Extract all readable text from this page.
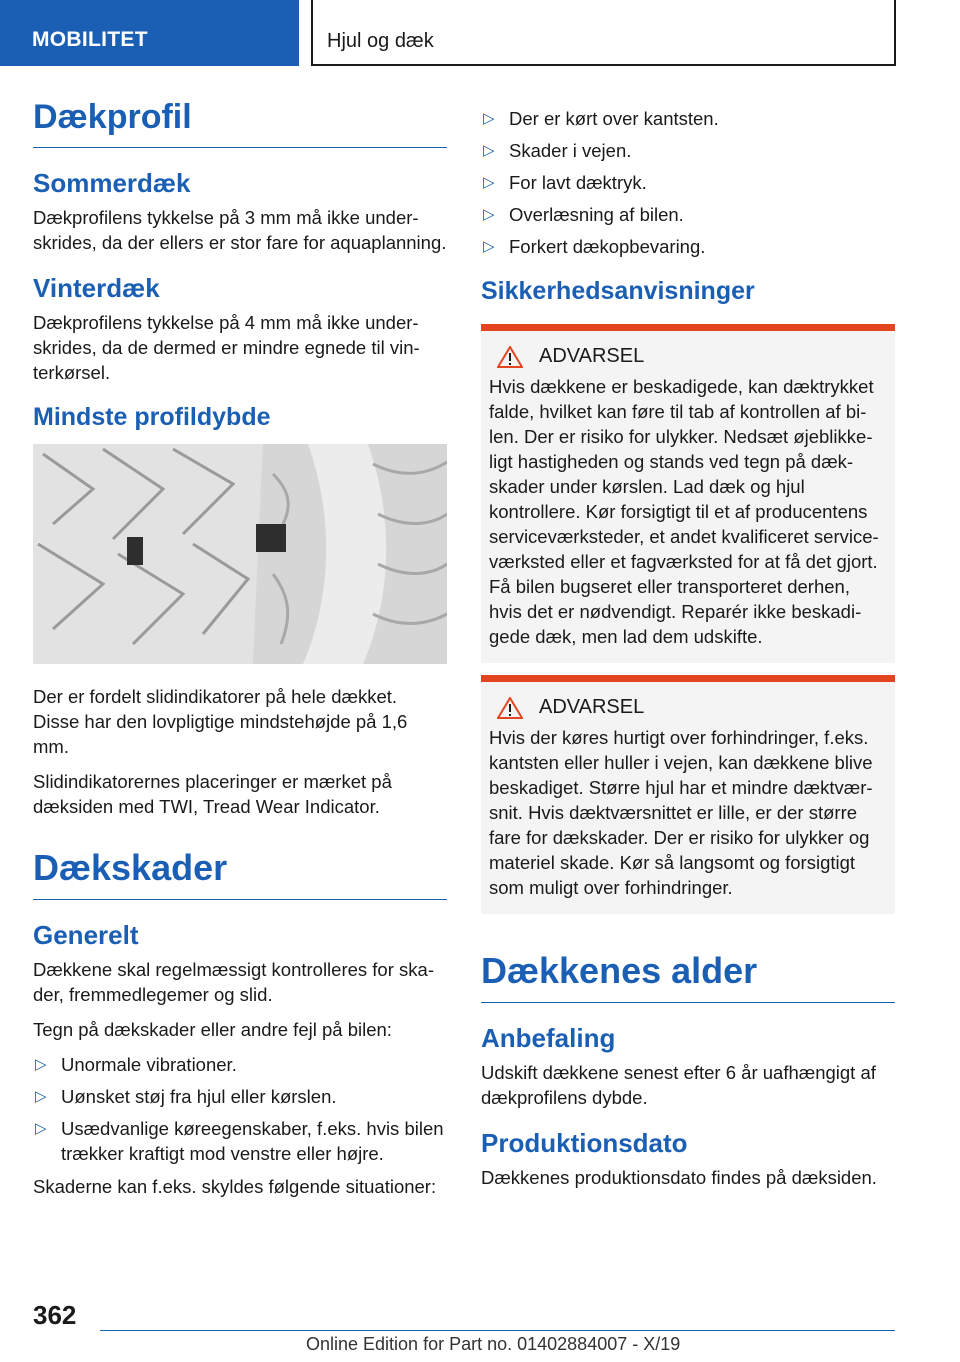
MOBILITET	Hjul og dæk
Dækprofil
Sommerdæk

Dækprofilens tykkelse på 3 mm må ikke underskrides, da der ellers er stor fare for aquaplanning.

Vinterdæk

Dækprofilens tykkelse på 4 mm må ikke underskrides, da de dermed er mindre egnede til vinterkørsel.

Mindste profildybde

Der er fordelt slidindikatorer på hele dækket. Disse har den lovpligtige mindstehøjde på 1,6 mm.

Slidindikatorernes placeringer er mærket på dæksiden med TWI, Tread Wear Indicator.

Dækskader
Generelt

Dækkene skal regelmæssigt kontrolleres for skader, fremmedlegemer og slid.

Tegn på dækskader eller andre fejl på bilen:

▷ Unormale vibrationer.
▷ Uønsket støj fra hjul eller kørslen.
▷ Usædvanlige køreegenskaber, f.eks. hvis bilen trækker kraftigt mod venstre eller højre.

Skaderne kan f.eks. skyldes følgende situationer:

▷ Der er kørt over kantsten.
▷ Skader i vejen.
▷ For lavt dæktryk.
▷ Overlæsning af bilen.
▷ Forkert dækopbevaring.
Sikkerhedsanvisninger
ADVARSEL

Hvis dækkene er beskadigede, kan dæktrykket falde, hvilket kan føre til tab af kontrollen af bilen. Der er risiko for ulykker. Nedsæt øjeblikkeligt hastigheden og stands ved tegn på dækskader under kørslen. Lad dæk og hjul kontrollere. Kør forsigtigt til et af producentens serviceværksteder, et andet kvalificeret serviceværksted eller et fagværksted for at få det gjort. Få bilen bugseret eller transporteret derhen, hvis det er nødvendigt. Reparér ikke beskadigede dæk, men lad dem udskifte.

ADVARSEL

Hvis der køres hurtigt over forhindringer, f.eks. kantsten eller huller i vejen, kan dækkene blive beskadiget. Større hjul har et mindre dæktværsnit. Hvis dæktværsnittet er lille, er der større fare for dækskader. Der er risiko for ulykker og materiel skade. Kør så langsomt og forsigtigt som muligt over forhindringer.

Dækkenes alder
Anbefaling

Udskift dækkene senest efter 6 år uafhængigt af dækprofilens dybde.

Produktionsdato

Dækkenes produktionsdato findes på dæksiden.

362
Online Edition for Part no. 01402884007 - X/19
